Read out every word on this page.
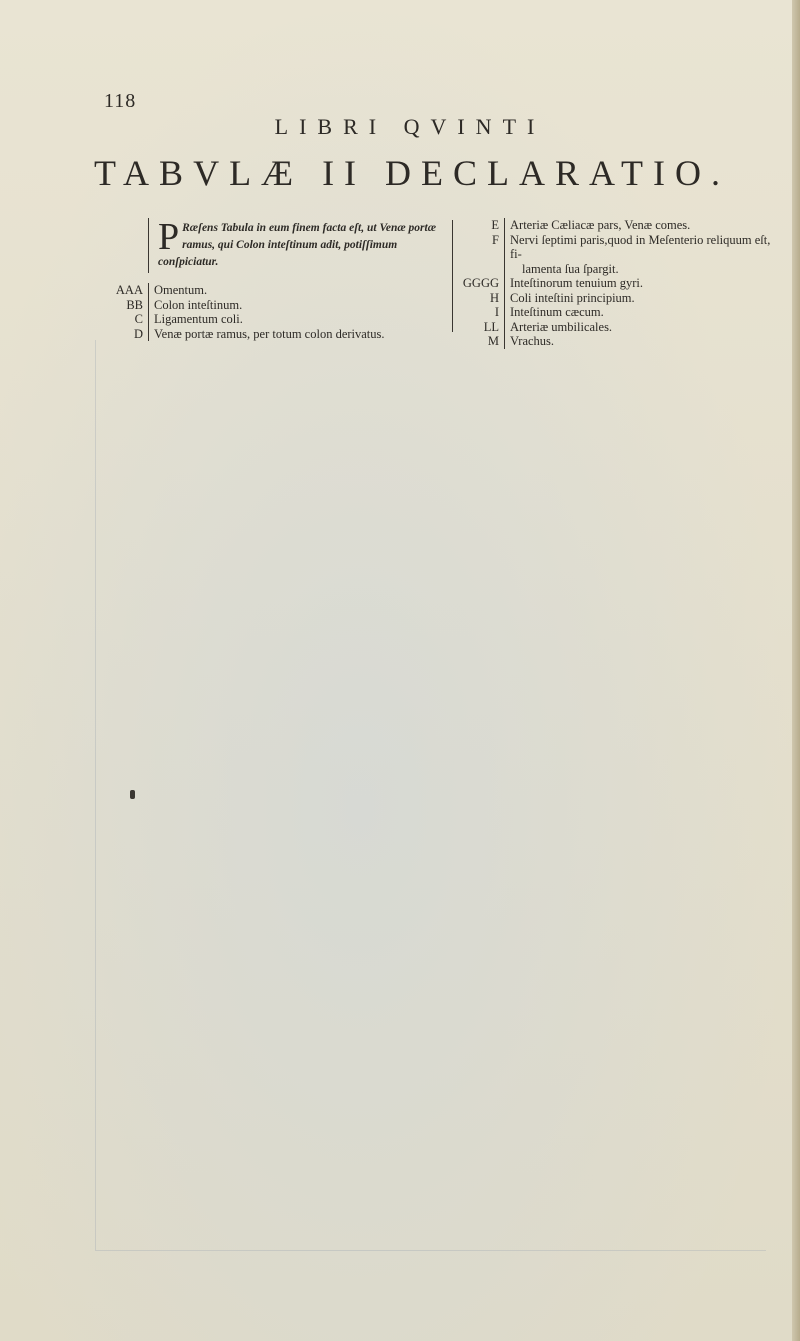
118
LIBRI QVINTI
TABVLÆ II DECLARATIO.
P Ræſens Tabula in eum finem facta eſt, ut Venæ portæ ramus, qui Colon inteſtinum adit, potiſſimum conſpiciatur.
AAA Omentum.
BB Colon inteſtinum.
C Ligamentum coli.
D Venæ portæ ramus, per totum colon derivatus.
E Arteriæ Cæliacæ pars, Venæ comes.
F Nervi ſeptimi paris,quod in Meſenterio reliquum eſt, fi-
lamenta ſua ſpargit.
GGGG Inteſtinorum tenuium gyri.
H Coli inteſtini principium.
I Inteſtinum cæcum.
LL Arteriæ umbilicales.
M Vrachus.
